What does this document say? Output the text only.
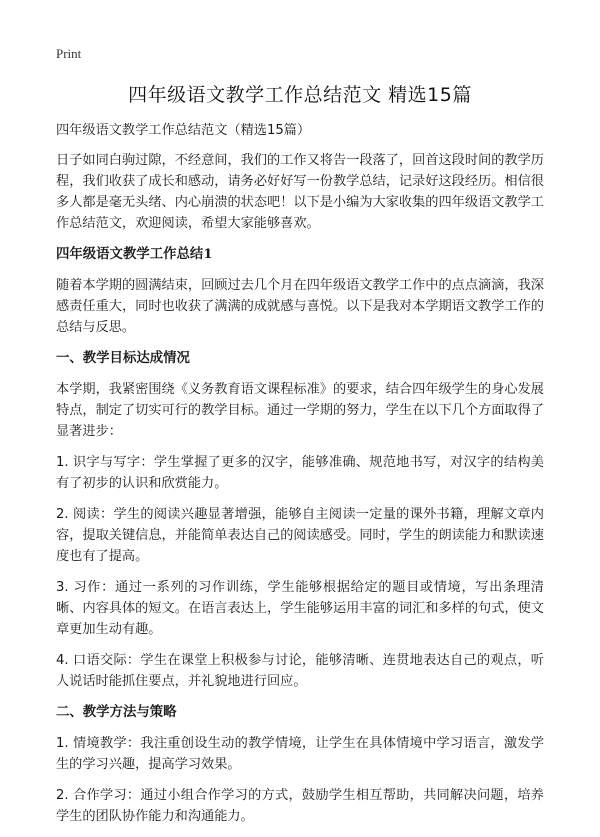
Print
四年级语文教学工作总结范文 精选15篇

四年级语文教学工作总结范文（精选15篇）

日子如同白驹过隙，不经意间，我们的工作又将告一段落了，回首这段时间的教学历程，我们收获了成长和感动，请务必好好写一份教学总结，记录好这段经历。相信很多人都是毫无头绪、内心崩溃的状态吧！以下是小编为大家收集的四年级语文教学工作总结范文，欢迎阅读，希望大家能够喜欢。

四年级语文教学工作总结1

随着本学期的圆满结束，回顾过去几个月在四年级语文教学工作中的点点滴滴，我深感责任重大，同时也收获了满满的成就感与喜悦。以下是我对本学期语文教学工作的总结与反思。

一、教学目标达成情况

本学期，我紧密围绕《义务教育语文课程标准》的要求，结合四年级学生的身心发展特点，制定了切实可行的教学目标。通过一学期的努力，学生在以下几个方面取得了显著进步：

1. 识字与写字：学生掌握了更多的汉字，能够准确、规范地书写，对汉字的结构美有了初步的认识和欣赏能力。

2. 阅读：学生的阅读兴趣显著增强，能够自主阅读一定量的课外书籍，理解文章内容，提取关键信息，并能简单表达自己的阅读感受。同时，学生的朗读能力和默读速度也有了提高。

3. 习作：通过一系列的习作训练，学生能够根据给定的题目或情境，写出条理清晰、内容具体的短文。在语言表达上，学生能够运用丰富的词汇和多样的句式，使文章更加生动有趣。

4. 口语交际：学生在课堂上积极参与讨论，能够清晰、连贯地表达自己的观点，听人说话时能抓住要点，并礼貌地进行回应。

二、教学方法与策略

1. 情境教学：我注重创设生动的教学情境，让学生在具体情境中学习语言，激发学生的学习兴趣，提高学习效果。

2. 合作学习：通过小组合作学习的方式，鼓励学生相互帮助，共同解决问题，培养学生的团队协作能力和沟通能力。
